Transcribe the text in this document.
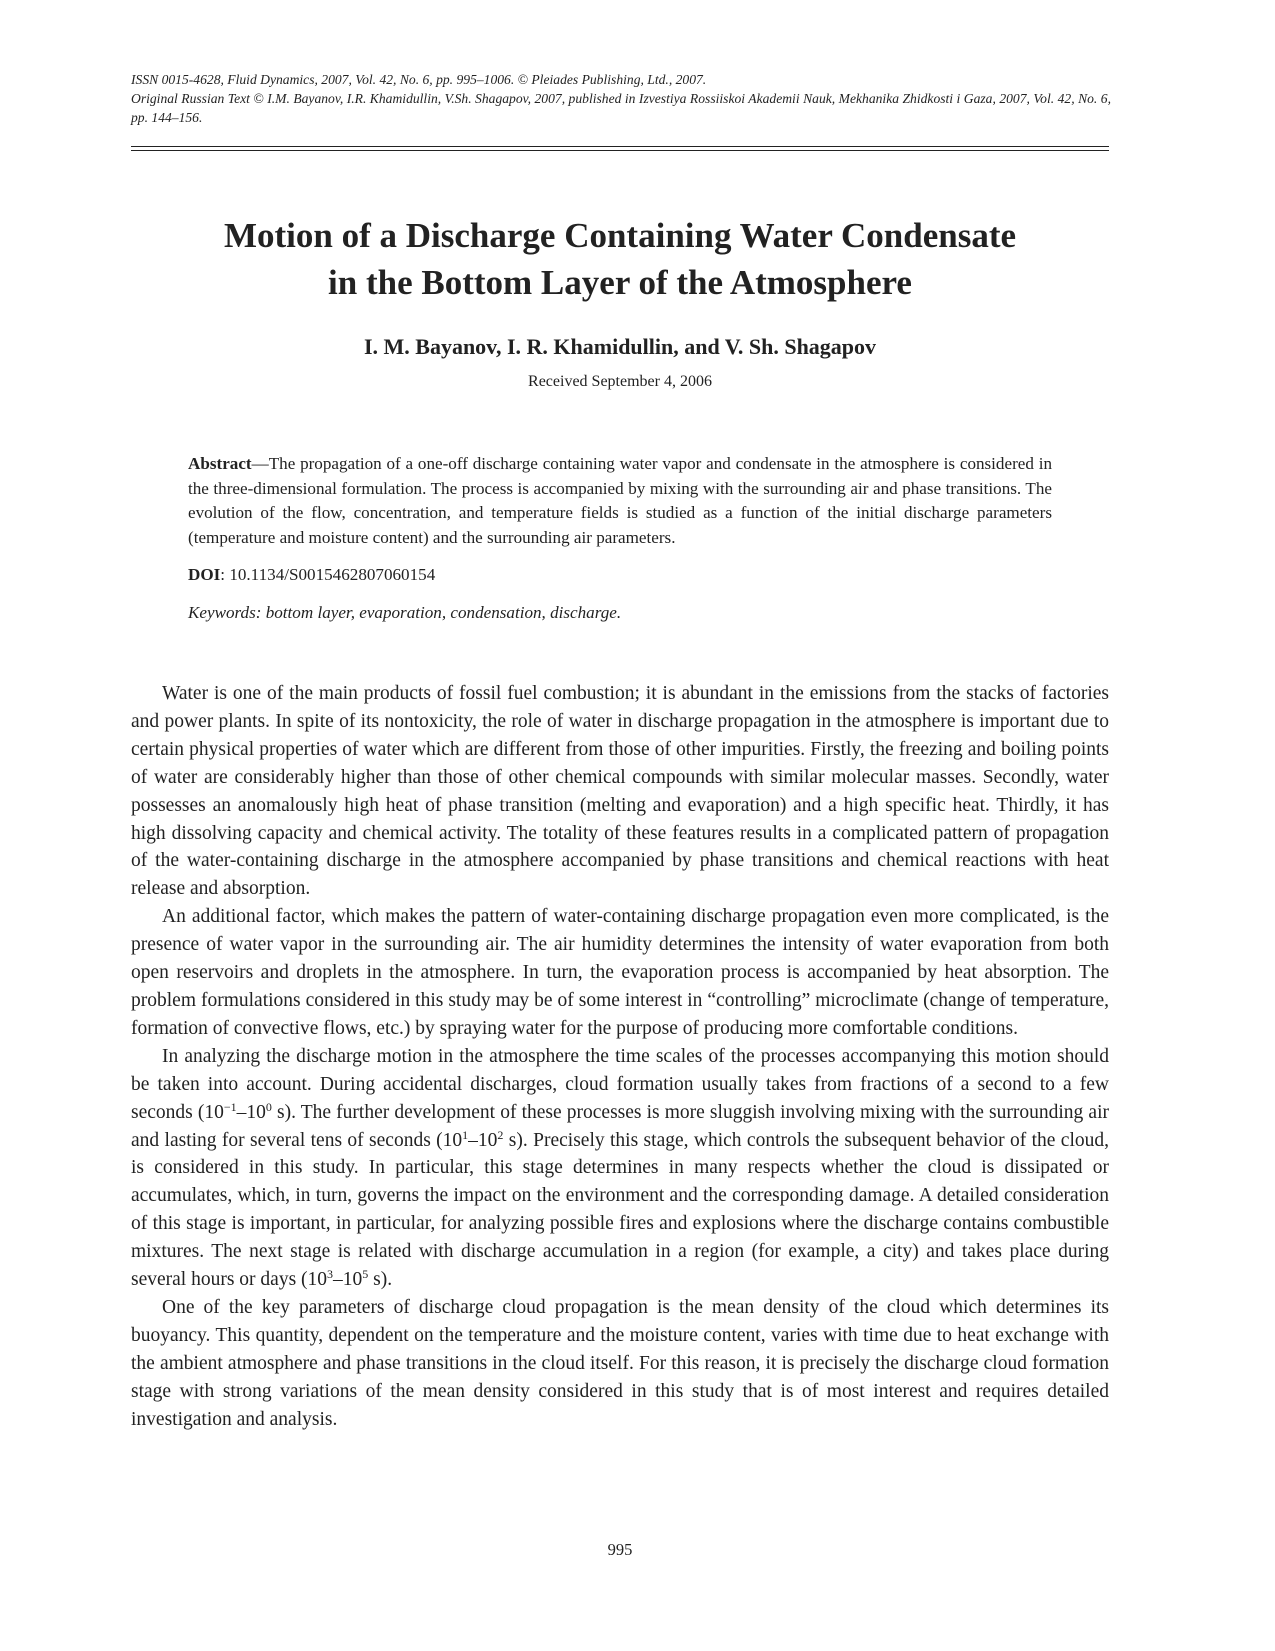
ISSN 0015-4628, Fluid Dynamics, 2007, Vol. 42, No. 6, pp. 995–1006. © Pleiades Publishing, Ltd., 2007.

Original Russian Text © I.M. Bayanov, I.R. Khamidullin, V.Sh. Shagapov, 2007, published in Izvestiya Rossiiskoi Akademii Nauk, Mekhanika Zhidkosti i Gaza, 2007, Vol. 42, No. 6, pp. 144–156.

Motion of a Discharge Containing Water Condensate
in the Bottom Layer of the Atmosphere
I. M. Bayanov, I. R. Khamidullin, and V. Sh. Shagapov
Received September 4, 2006

Abstract—The propagation of a one-off discharge containing water vapor and condensate in the atmosphere is considered in the three-dimensional formulation. The process is accompanied by mixing with the surrounding air and phase transitions. The evolution of the flow, concentration, and temperature fields is studied as a function of the initial discharge parameters (temperature and moisture content) and the surrounding air parameters.

DOI: 10.1134/S0015462807060154

Keywords: bottom layer, evaporation, condensation, discharge.

Water is one of the main products of fossil fuel combustion; it is abundant in the emissions from the stacks of factories and power plants. In spite of its nontoxicity, the role of water in discharge propagation in the atmosphere is important due to certain physical properties of water which are different from those of other impurities. Firstly, the freezing and boiling points of water are considerably higher than those of other chemical compounds with similar molecular masses. Secondly, water possesses an anomalously high heat of phase transition (melting and evaporation) and a high specific heat. Thirdly, it has high dissolving capacity and chemical activity. The totality of these features results in a complicated pattern of propagation of the water-containing discharge in the atmosphere accompanied by phase transitions and chemical reactions with heat release and absorption.

An additional factor, which makes the pattern of water-containing discharge propagation even more complicated, is the presence of water vapor in the surrounding air. The air humidity determines the intensity of water evaporation from both open reservoirs and droplets in the atmosphere. In turn, the evaporation process is accompanied by heat absorption. The problem formulations considered in this study may be of some interest in “controlling” microclimate (change of temperature, formation of convective flows, etc.) by spraying water for the purpose of producing more comfortable conditions.

In analyzing the discharge motion in the atmosphere the time scales of the processes accompanying this motion should be taken into account. During accidental discharges, cloud formation usually takes from fractions of a second to a few seconds ($10^{-1}-10^0$ s). The further development of these processes is more sluggish involving mixing with the surrounding air and lasting for several tens of seconds ($10^1-10^2$ s). Precisely this stage, which controls the subsequent behavior of the cloud, is considered in this study. In particular, this stage determines in many respects whether the cloud is dissipated or accumulates, which, in turn, governs the impact on the environment and the corresponding damage. A detailed consideration of this stage is important, in particular, for analyzing possible fires and explosions where the discharge contains combustible mixtures. The next stage is related with discharge accumulation in a region (for example, a city) and takes place during several hours or days ($10^3-10^5$ s).

One of the key parameters of discharge cloud propagation is the mean density of the cloud which determines its buoyancy. This quantity, dependent on the temperature and the moisture content, varies with time due to heat exchange with the ambient atmosphere and phase transitions in the cloud itself. For this reason, it is precisely the discharge cloud formation stage with strong variations of the mean density considered in this study that is of most interest and requires detailed investigation and analysis.

995
